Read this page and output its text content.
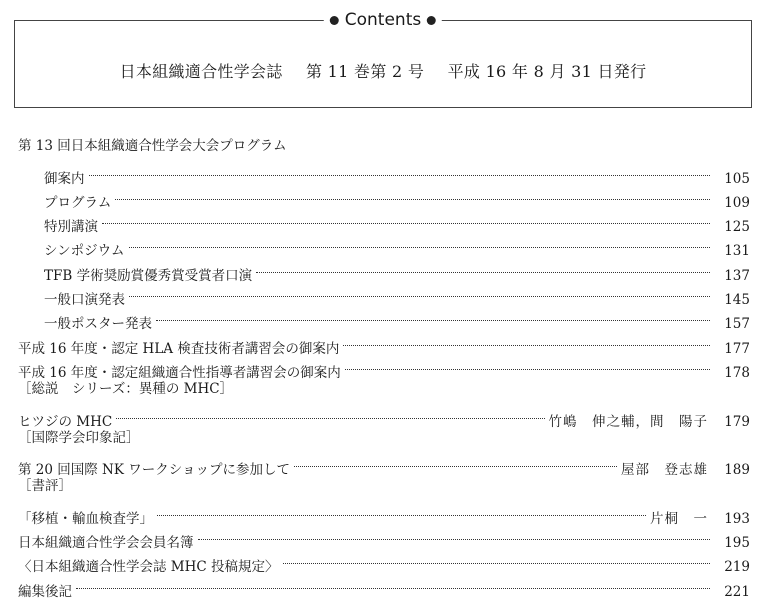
Contents
日本組織適合性学会誌 第 11 巻第 2 号 平成 16 年 8 月 31 日発行
第 13 回日本組織適合性学会大会プログラム
御案内	105
プログラム	109
特別講演	125
シンポジウム	131
TFB 学術奨励賞優秀賞受賞者口演	137
一般口演発表	145
一般ポスター発表	157
平成 16 年度・認定 HLA 検査技術者講習会の御案内	177
平成 16 年度・認定組織適合性指導者講習会の御案内	178
［総説　シリーズ：異種の MHC］
ヒツジの MHC	竹嶋　伸之輔，間　陽子	179
［国際学会印象記］
第 20 回国際 NK ワークショップに参加して	屋部　登志雄	189
［書評］
「移植・輸血検査学」	片桐　一	193
日本組織適合性学会会員名簿	195
〈日本組織適合性学会誌 MHC 投稿規定〉	219
編集後記	221
